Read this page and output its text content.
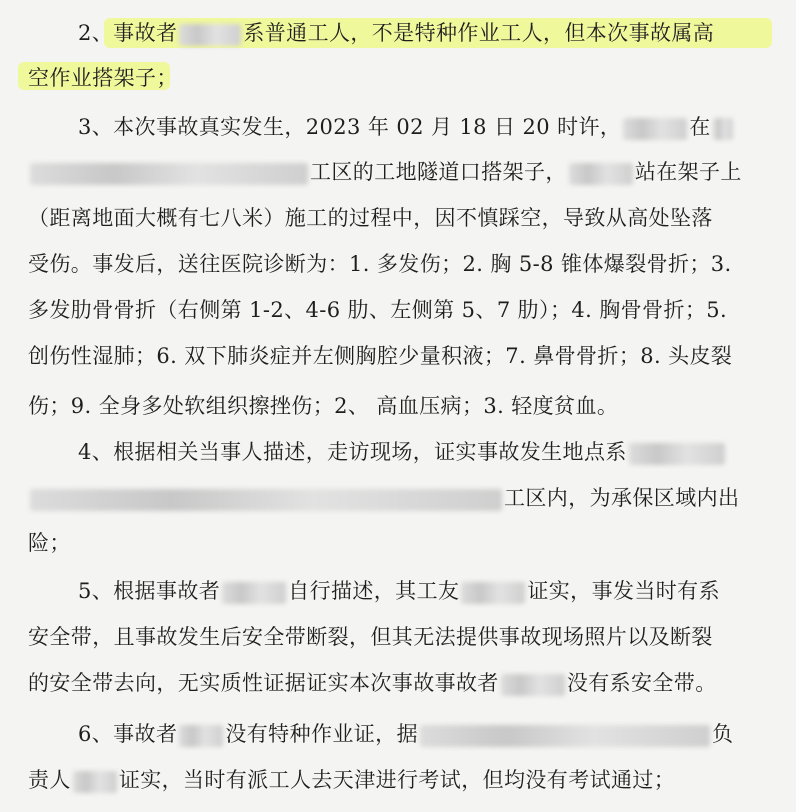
2、事故者	系普通工人，不是特种作业工人，但本次事故属高
空作业搭架子；
3、本次事故真实发生，2023 年 02 月 18 日 20 时许，	在
工区的工地隧道口搭架子，	站在架子上
（距离地面大概有七八米）施工的过程中，因不慎踩空，导致从高处坠落
受伤。事发后，送往医院诊断为：1. 多发伤；2. 胸 5-8 锥体爆裂骨折；3.
多发肋骨骨折（右侧第 1-2、4-6 肋、左侧第 5、7 肋）；4. 胸骨骨折；5.
创伤性湿肺；6. 双下肺炎症并左侧胸腔少量积液；7. 鼻骨骨折；8. 头皮裂
伤；9. 全身多处软组织擦挫伤；2、 高血压病；3. 轻度贫血。
4、根据相关当事人描述，走访现场，证实事故发生地点系
工区内，为承保区域内出
险；
5、根据事故者	自行描述，其工友	证实，事发当时有系
安全带，且事故发生后安全带断裂，但其无法提供事故现场照片以及断裂
的安全带去向，无实质性证据证实本次事故事故者	没有系安全带。
6、事故者 没有特种作业证，据	负
责人 证实，当时有派工人去天津进行考试，但均没有考试通过；
